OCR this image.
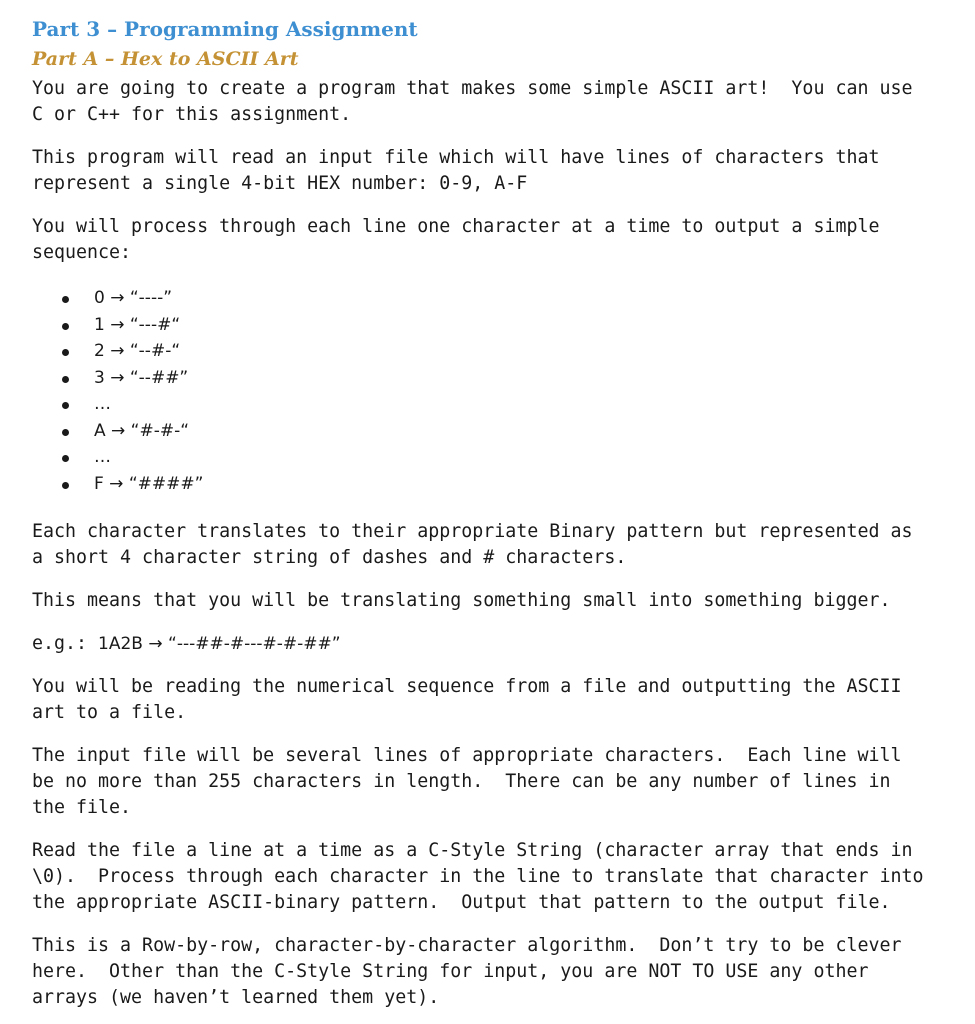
Part 3 – Programming Assignment
Part A – Hex to ASCII Art

You are going to create a program that makes some simple ASCII art!  You can use
C or C++ for this assignment.

This program will read an input file which will have lines of characters that
represent a single 4-bit HEX number: 0-9, A-F

You will process through each line one character at a time to output a simple
sequence:

0 → “----”
1 → “---#“
2 → “--#-“
3 → “--##”
…
A → “#-#-“
…
F → “####”

Each character translates to their appropriate Binary pattern but represented as
a short 4 character string of dashes and # characters.

This means that you will be translating something small into something bigger.

e.g.: 1A2B → “---##-#---#-#-##”

You will be reading the numerical sequence from a file and outputting the ASCII
art to a file.

The input file will be several lines of appropriate characters.  Each line will
be no more than 255 characters in length.  There can be any number of lines in
the file.

Read the file a line at a time as a C-Style String (character array that ends in
\0).  Process through each character in the line to translate that character into
the appropriate ASCII-binary pattern.  Output that pattern to the output file.

This is a Row-by-row, character-by-character algorithm.  Don’t try to be clever
here.  Other than the C-Style String for input, you are NOT TO USE any other
arrays (we haven’t learned them yet).
